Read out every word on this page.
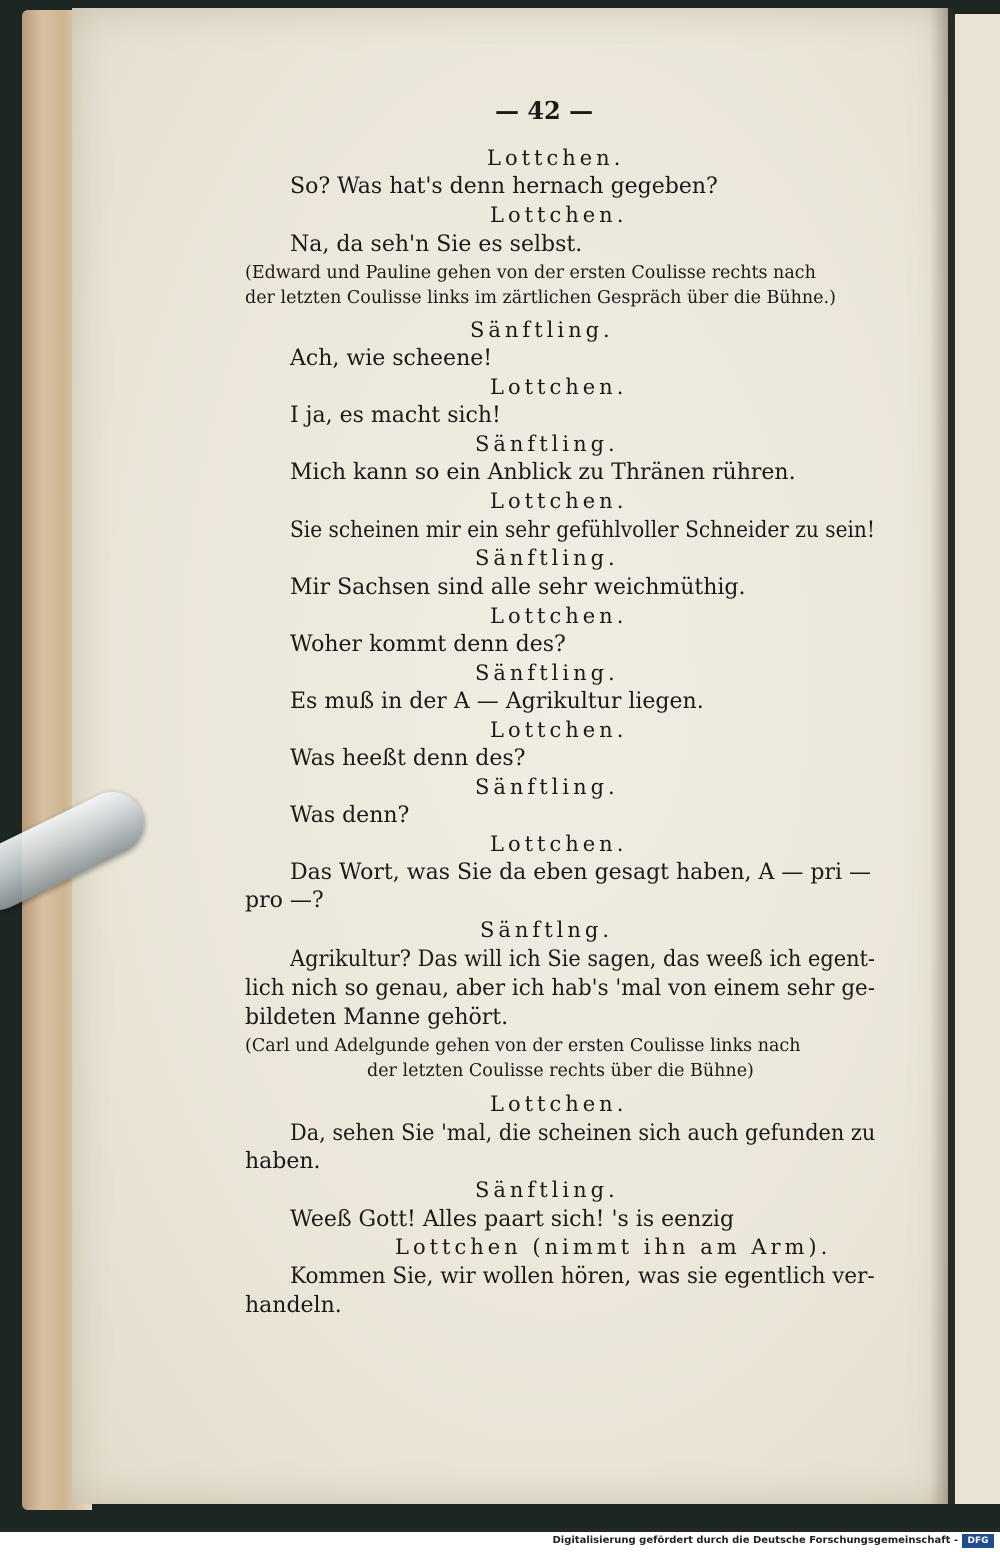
— 42 —
Lottchen.
So? Was hat's denn hernach gegeben?
Lottchen.
Na, da seh'n Sie es selbst.
(Edward und Pauline gehen von der ersten Coulisse rechts nach
der letzten Coulisse links im zärtlichen Gespräch über die Bühne.)
Sänftling.
Ach, wie scheene!
Lottchen.
I ja, es macht sich!
Sänftling.
Mich kann so ein Anblick zu Thränen rühren.
Lottchen.
Sie scheinen mir ein sehr gefühlvoller Schneider zu sein!
Sänftling.
Mir Sachsen sind alle sehr weichmüthig.
Lottchen.
Woher kommt denn des?
Sänftling.
Es muß in der A — Agrikultur liegen.
Lottchen.
Was heeßt denn des?
Sänftling.
Was denn?
Lottchen.
Das Wort, was Sie da eben gesagt haben, A — pri —
pro —?
Sänftlng.
Agrikultur? Das will ich Sie sagen, das weeß ich egent-
lich nich so genau, aber ich hab's 'mal von einem sehr ge-
bildeten Manne gehört.
(Carl und Adelgunde gehen von der ersten Coulisse links nach
der letzten Coulisse rechts über die Bühne)
Lottchen.
Da, sehen Sie 'mal, die scheinen sich auch gefunden zu
haben.
Sänftling.
Weeß Gott! Alles paart sich! 's is eenzig
Lottchen (nimmt ihn am Arm).
Kommen Sie, wir wollen hören, was sie egentlich ver-
handeln.
Digitalisierung gefördert durch die Deutsche Forschungsgemeinschaft -	DFG
